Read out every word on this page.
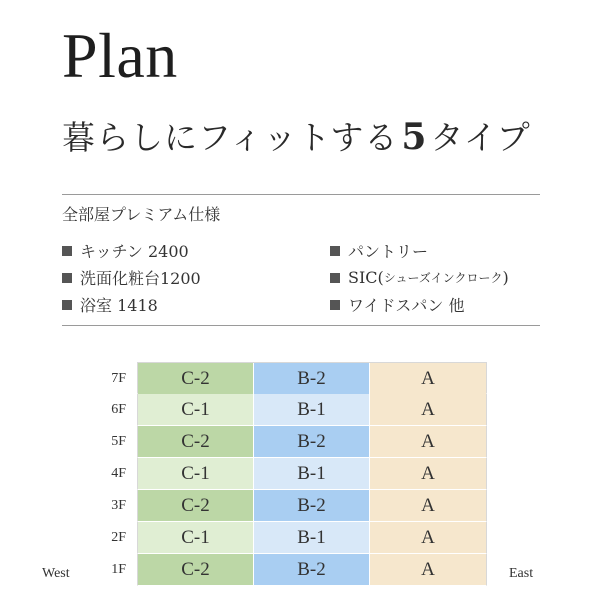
Plan
暮らしにフィットする5タイプ
全部屋プレミアム仕様
キッチン 2400
洗面化粧台1200
浴室 1418
パントリー
SIC( シューズインクローク )
ワイドスパン 他
7F	C-2	B-2	A
6F	C-1	B-1	A
5F	C-2	B-2	A
4F	C-1	B-1	A
3F	C-2	B-2	A
2F	C-1	B-1	A
1F	C-2	B-2	A
West	East
